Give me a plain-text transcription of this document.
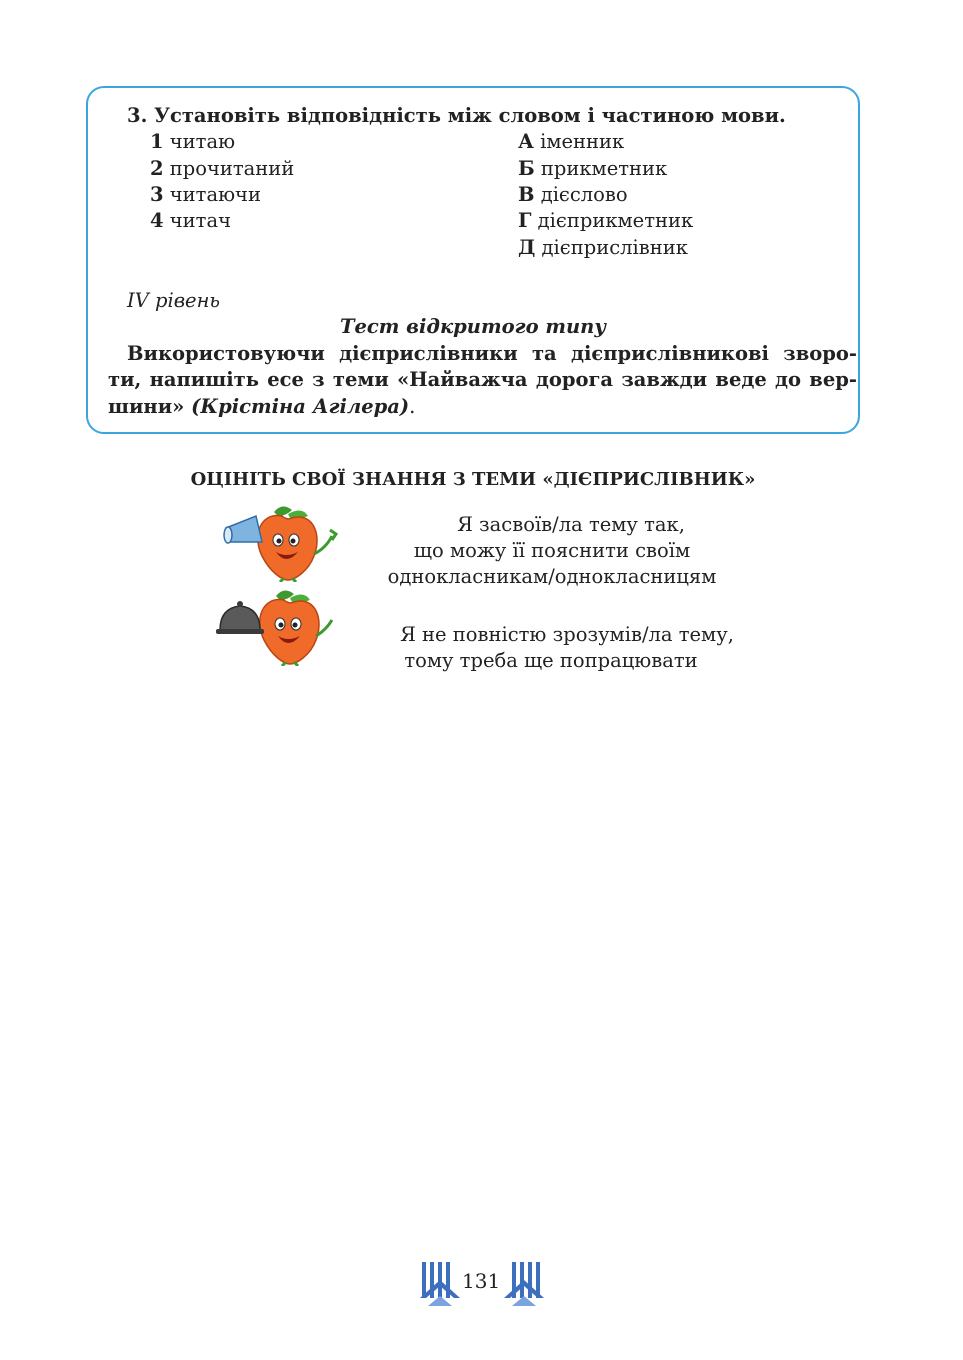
3. Установіть відповідність між словом і частиною мови.
1 читаю
2 прочитаний
3 читаючи
4 читач
А іменник
Б прикметник
В дієслово
Г дієприкметник
Д дієприслівник
IV рівень
Тест відкритого типу
Використовуючи дієприслівники та дієприслівникові зворо-
ти, напишіть есе з теми «Найважча дорога завжди веде до вер-
шини» (Крістіна Агілера).
ОЦІНІТЬ СВОЇ ЗНАННЯ З ТЕМИ «ДІЄПРИСЛІВНИК»
Я засвоїв/ла тему так,
що можу її пояснити своїм
однокласникам/однокласницям
Я не повністю зрозумів/ла тему,
тому треба ще попрацювати
131
